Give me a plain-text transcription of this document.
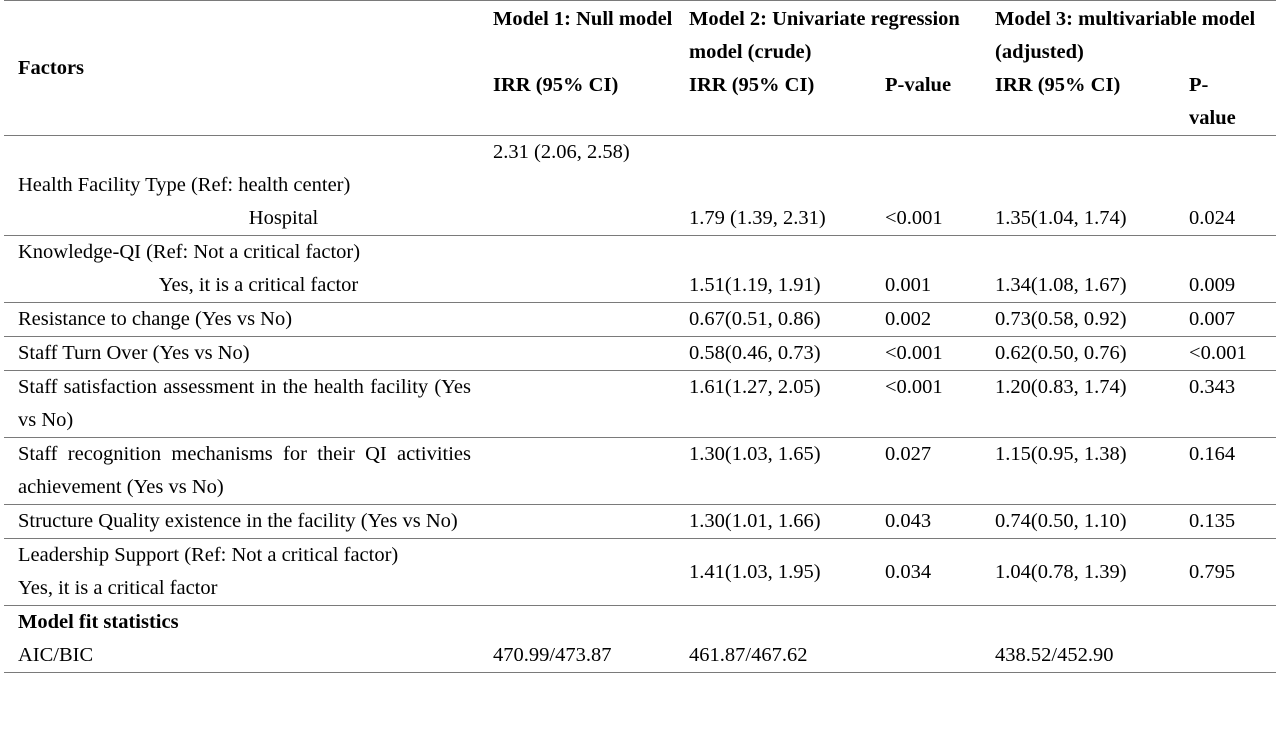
Factors	Model 1: Null model	Model 2: Univariate regression model (crude)		Model 3: multivariable model (adjusted)	
	IRR (95% CI)	IRR (95% CI)	P-value	IRR (95% CI)	P-value
	2.31 (2.06, 2.58)				
Health Facility Type (Ref: health center)					
Hospital		1.79 (1.39, 2.31)	<0.001	1.35(1.04, 1.74)	0.024
Knowledge-QI (Ref: Not a critical factor)					
Yes, it is a critical factor		1.51(1.19, 1.91)	0.001	1.34(1.08, 1.67)	0.009
Resistance to change (Yes vs No)		0.67(0.51, 0.86)	0.002	0.73(0.58, 0.92)	0.007
Staff Turn Over (Yes vs No)		0.58(0.46, 0.73)	<0.001	0.62(0.50, 0.76)	<0.001
Staff satisfaction assessment in the health facility (Yes vs No)		1.61(1.27, 2.05)	<0.001	1.20(0.83, 1.74)	0.343
Staff recognition mechanisms for their QI activities achievement (Yes vs No)		1.30(1.03, 1.65)	0.027	1.15(0.95, 1.38)	0.164
Structure Quality existence in the facility (Yes vs No)		1.30(1.01, 1.66)	0.043	0.74(0.50, 1.10)	0.135

Leadership Support (Ref: Not a critical factor)
Yes, it is a critical factor		1.41(1.03, 1.95)	0.034	1.04(0.78, 1.39)	0.795
Model fit statistics					
AIC/BIC	470.99/473.87	461.87/467.62		438.52/452.90	
